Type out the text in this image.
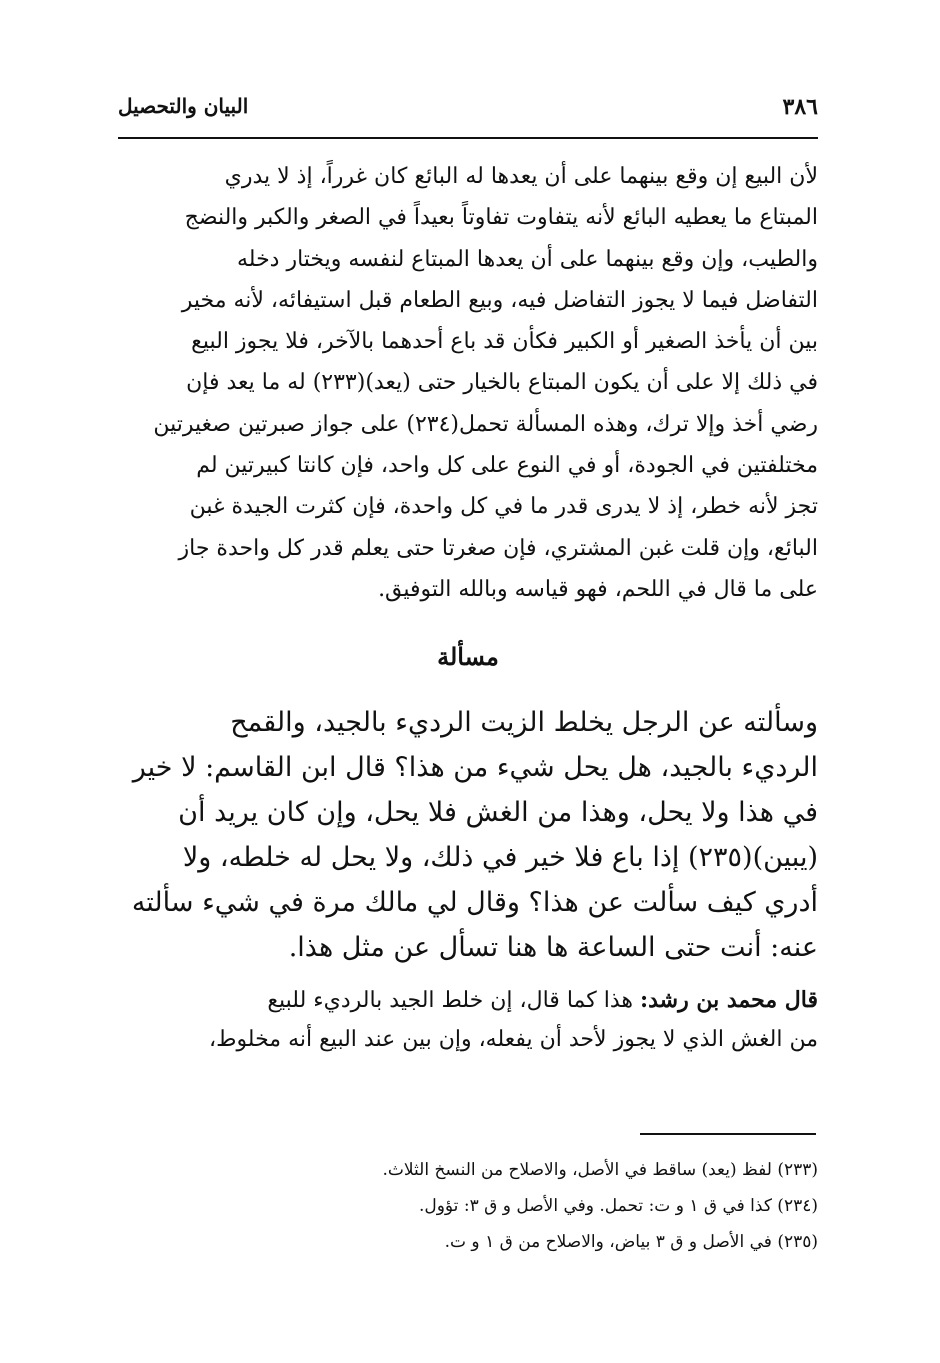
٣٨٦
البيان والتحصيل
لأن البيع إن وقع بينهما على أن يعدها له البائع كان غرراً، إذ لا يدري
المبتاع ما يعطيه البائع لأنه يتفاوت تفاوتاً بعيداً في الصغر والكبر والنضج
والطيب، وإن وقع بينهما على أن يعدها المبتاع لنفسه ويختار دخله
التفاضل فيما لا يجوز التفاضل فيه، وبيع الطعام قبل استيفائه، لأنه مخير
بين أن يأخذ الصغير أو الكبير فكأن قد باع أحدهما بالآخر، فلا يجوز البيع
في ذلك إلا على أن يكون المبتاع بالخيار حتى (يعد)(٢٣٣) له ما يعد فإن
رضي أخذ وإلا ترك، وهذه المسألة تحمل(٢٣٤) على جواز صبرتين صغيرتين
مختلفتين في الجودة، أو في النوع على كل واحد، فإن كانتا كبيرتين لم
تجز لأنه خطر، إذ لا يدرى قدر ما في كل واحدة، فإن كثرت الجيدة غبن
البائع، وإن قلت غبن المشتري، فإن صغرتا حتى يعلم قدر كل واحدة جاز
على ما قال في اللحم، فهو قياسه وبالله التوفيق.
مسألة
وسألته عن الرجل يخلط الزيت الرديء بالجيد، والقمح
الرديء بالجيد، هل يحل شيء من هذا؟ قال ابن القاسم: لا خير
في هذا ولا يحل، وهذا من الغش فلا يحل، وإن كان يريد أن
(يبين)(٢٣٥) إذا باع فلا خير في ذلك، ولا يحل له خلطه، ولا
أدري كيف سألت عن هذا؟ وقال لي مالك مرة في شيء سألته
عنه: أنت حتى الساعة ها هنا تسأل عن مثل هذا.
قال محمد بن رشد: هذا كما قال، إن خلط الجيد بالرديء للبيع
من الغش الذي لا يجوز لأحد أن يفعله، وإن بين عند البيع أنه مخلوط،
(٢٣٣) لفظ (يعد) ساقط في الأصل، والاصلاح من النسخ الثلاث.
(٢٣٤) كذا في ق ١ و ت: تحمل. وفي الأصل و ق ٣: تؤول.
(٢٣٥) في الأصل و ق ٣ بياض، والاصلاح من ق ١ و ت.
